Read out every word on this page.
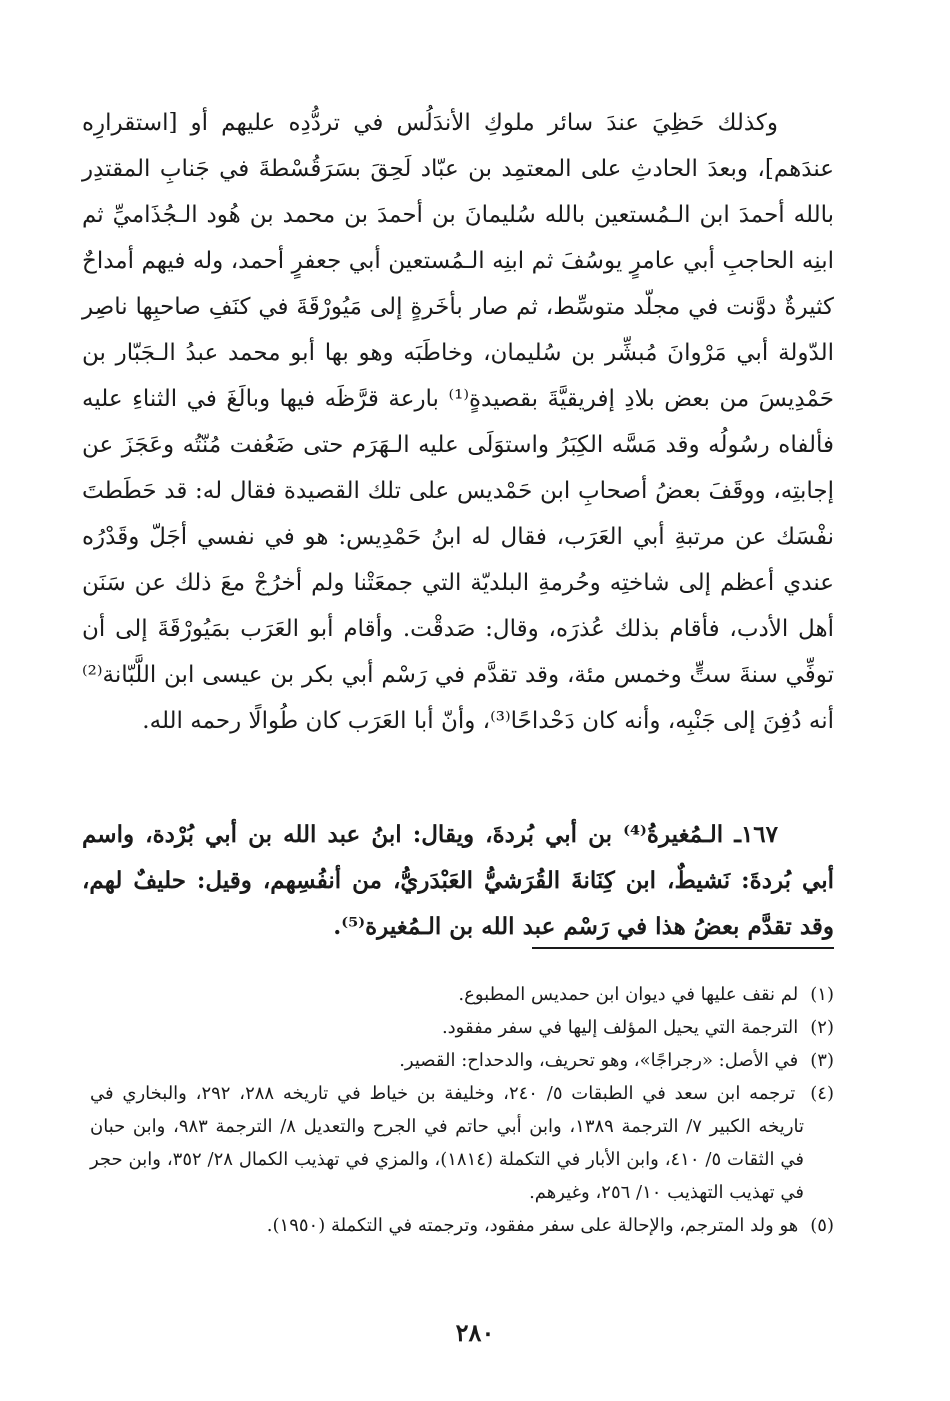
وكذلك حَظِيَ عندَ سائر ملوكِ الأندَلُس في تردُّدِه عليهم أو [استقرارِه عندَهم]، وبعدَ الحادثِ على المعتمِد بن عبّاد لَحِقَ بسَرَقُسْطةَ في جَنابِ المقتدِر بالله أحمدَ ابن الـمُستعين بالله سُليمانَ بن أحمدَ بن محمد بن هُود الـجُذَاميِّ ثم ابنِه الحاجبِ أبي عامرٍ يوسُفَ ثم ابنِه الـمُستعين أبي جعفرٍ أحمد، وله فيهم أمداحٌ كثيرةٌ دوَّنت في مجلّد متوسِّط، ثم صار بأخَرةٍ إلى مَيُورْقَةَ في كنَفِ صاحبِها ناصِر الدّولة أبي مَرْوانَ مُبشِّر بن سُليمان، وخاطَبَه وهو بها أبو محمد عبدُ الـجَبّار بن حَمْدِيسَ من بعض بلادِ إفريقيَّةَ بقصيدةٍ⁽¹⁾ بارعة قرَّظَه فيها وبالَغَ في الثناءِ عليه فألفاه رسُولُه وقد مَسَّه الكِبَرُ واستوَلَى عليه الـهَرَم حتى ضَعُفت مُنّتُه وعَجَزَ عن إجابتِه، ووقَفَ بعضُ أصحابِ ابن حَمْديس على تلك القصيدة فقال له: قد حَطَطتَ نفْسَك عن مرتبةِ أبي العَرَب، فقال له ابنُ حَمْدِيس: هو في نفسي أجَلّ وقَدْرُه عندي أعظم إلى شاختِه وحُرمةِ البلديّة التي جمعَتْنا ولم أخرُجْ معَ ذلك عن سَنَن أهل الأدب، فأقام بذلك عُذرَه، وقال: صَدقْت. وأقام أبو العَرَب بمَيُورْقَةَ إلى أن توفِّي سنةَ ستٍّ وخمس مئة، وقد تقدَّم في رَسْم أبي بكر بن عيسى ابن اللَّبّانة⁽²⁾ أنه دُفِنَ إلى جَنْبِه، وأنه كان دَحْداحًا⁽³⁾، وأنّ أبا العَرَب كان طُوالًا رحمه الله.

١٦٧ـ الـمُغيرةُ⁽⁴⁾ بن أبي بُردةَ، ويقال: ابنُ عبد الله بن أبي بُرْدة، واسم أبي بُردةَ: نَشيطٌ، ابن كِنَانةَ القُرَشيُّ العَبْدَريُّ، من أنفُسِهم، وقيل: حليفٌ لهم، وقد تقدَّم بعضُ هذا في رَسْم عبد الله بن الـمُغيرة⁽⁵⁾.

(١) لم نقف عليها في ديوان ابن حمديس المطبوع.

(٢) الترجمة التي يحيل المؤلف إليها في سفر مفقود.

(٣) في الأصل: «رجراجًا»، وهو تحريف، والدحداح: القصير.

(٤) ترجمه ابن سعد في الطبقات ٥/ ٢٤٠، وخليفة بن خياط في تاريخه ٢٨٨، ٢٩٢، والبخاري في تاريخه الكبير ٧/ الترجمة ١٣٨٩، وابن أبي حاتم في الجرح والتعديل ٨/ الترجمة ٩٨٣، وابن حبان في الثقات ٥/ ٤١٠، وابن الأبار في التكملة (١٨١٤)، والمزي في تهذيب الكمال ٢٨/ ٣٥٢، وابن حجر في تهذيب التهذيب ١٠/ ٢٥٦، وغيرهم.

(٥) هو ولد المترجم، والإحالة على سفر مفقود، وترجمته في التكملة (١٩٥٠).

٢٨٠
